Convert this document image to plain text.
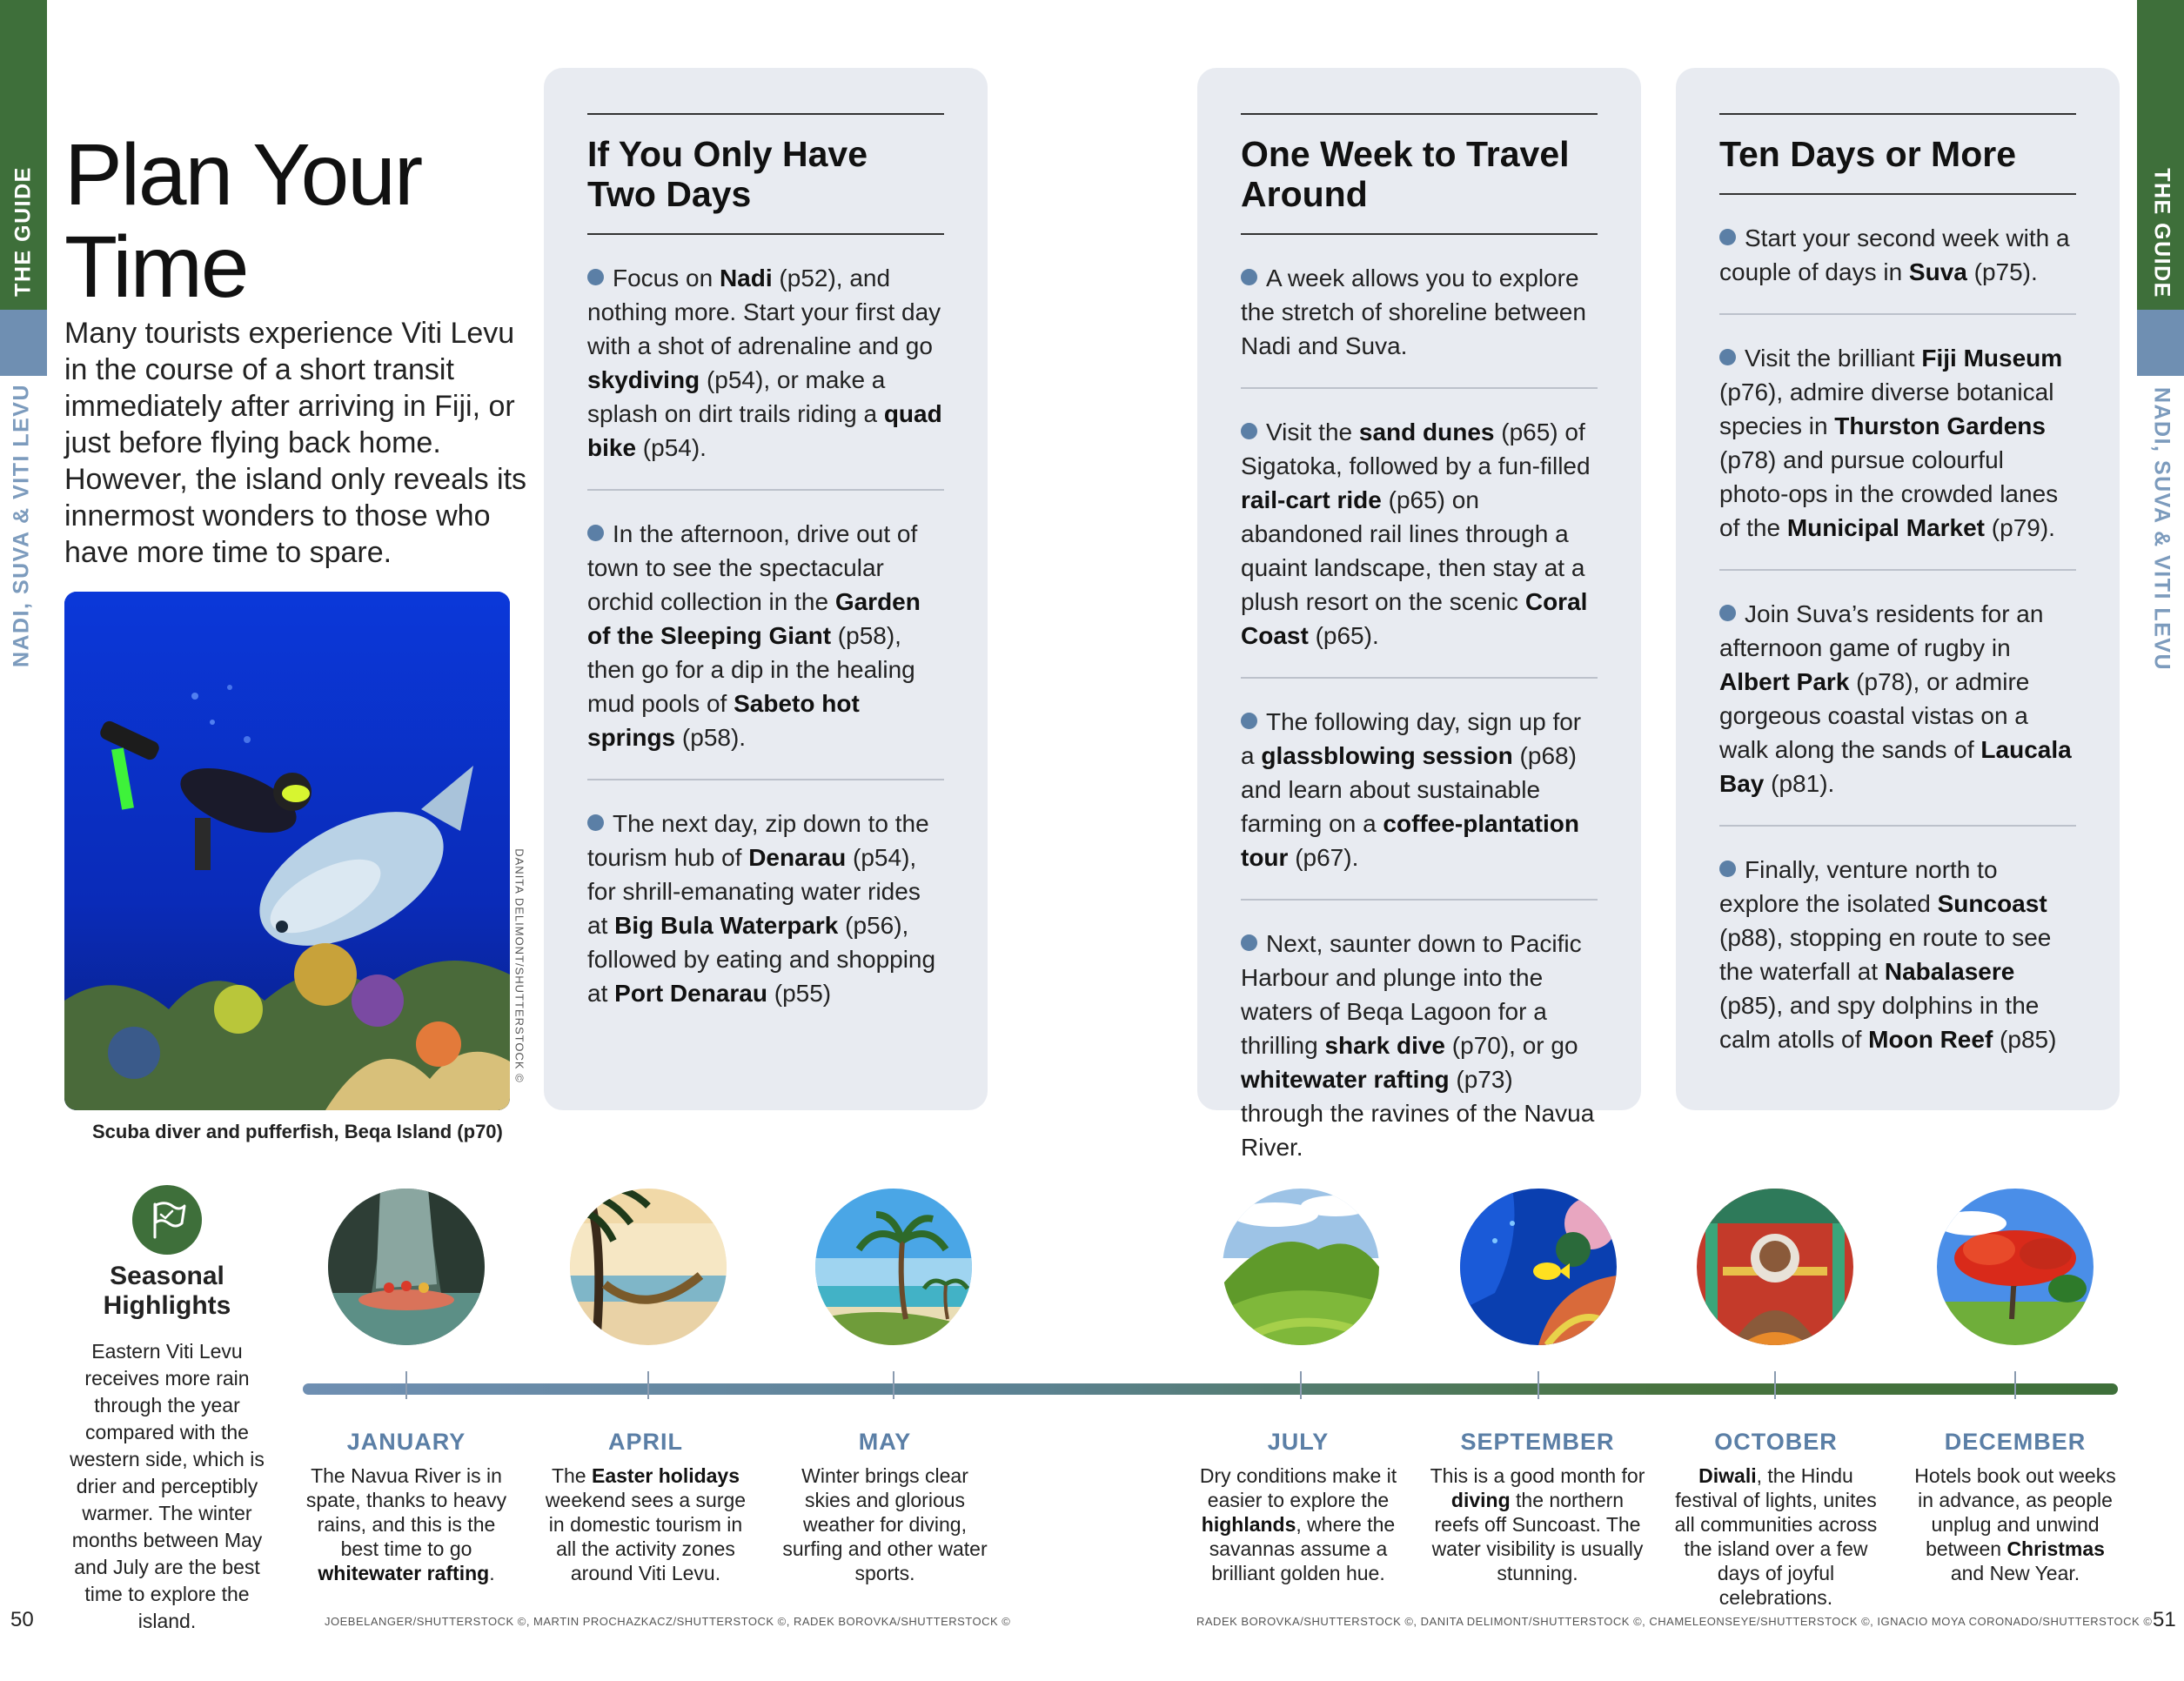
THE GUIDE
NADI, SUVA & VITI LEVU
THE GUIDE
NADI, SUVA & VITI LEVU
Plan Your Time

Many tourists experience Viti Levu in the course of a short transit immediately after arriving in Fiji, or just before flying back home. However, the island only reveals its innermost wonders to those who have more time to spare.

DANITA DELIMONT/SHUTTERSTOCK ©
Scuba diver and pufferfish, Beqa Island (p70)
If You Only Have Two Days
Focus on Nadi (p52), and nothing more. Start your first day with a shot of adrenaline and go skydiving (p54), or make a splash on dirt trails riding a quad bike (p54).
In the afternoon, drive out of town to see the spectacular orchid collection in the Garden of the Sleeping Giant (p58), then go for a dip in the healing mud pools of Sabeto hot springs (p58).
The next day, zip down to the tourism hub of Denarau (p54), for shrill-emanating water rides at Big Bula Waterpark (p56), followed by eating and shopping at Port Denarau (p55)
One Week to Travel Around
A week allows you to explore the stretch of shoreline between Nadi and Suva.
Visit the sand dunes (p65) of Sigatoka, followed by a fun-filled rail-cart ride (p65) on abandoned rail lines through a quaint landscape, then stay at a plush resort on the scenic Coral Coast (p65).
The following day, sign up for a glassblowing session (p68) and learn about sustainable farming on a coffee-plantation tour (p67).
Next, saunter down to Pacific Harbour and plunge into the waters of Beqa Lagoon for a thrilling shark dive (p70), or go whitewater rafting (p73) through the ravines of the Navua River.
Ten Days or More
Start your second week with a couple of days in Suva (p75).
Visit the brilliant Fiji Museum (p76), admire diverse botanical species in Thurston Gardens (p78) and pursue colourful photo-ops in the crowded lanes of the Municipal Market (p79).
Join Suva’s residents for an afternoon game of rugby in Albert Park (p78), or admire gorgeous coastal vistas on a walk along the sands of Laucala Bay (p81).
Finally, venture north to explore the isolated Suncoast (p88), stopping en route to see the waterfall at Nabalasere (p85), and spy dolphins in the calm atolls of Moon Reef (p85)
Seasonal Highlights
Eastern Viti Levu receives more rain through the year compared with the western side, which is drier and perceptibly warmer. The winter months between May and July are the best time to explore the island.
JANUARY
The Navua River is in spate, thanks to heavy rains, and this is the best time to go whitewater rafting.
APRIL
The Easter holidays weekend sees a surge in domestic tourism in all the activity zones around Viti Levu.
MAY
Winter brings clear skies and glorious weather for diving, surfing and other water sports.
JULY
Dry conditions make it easier to explore the highlands, where the savannas assume a brilliant golden hue.
SEPTEMBER
This is a good month for diving the northern reefs off Suncoast. The water visibility is usually stunning.
OCTOBER
Diwali, the Hindu festival of lights, unites all communities across the island over a few days of joyful celebrations.
DECEMBER
Hotels book out weeks in advance, as people unplug and unwind between Christmas and New Year.
50	51
JOEBELANGER/SHUTTERSTOCK ©, MARTIN PROCHAZKACZ/SHUTTERSTOCK ©, RADEK BOROVKA/SHUTTERSTOCK ©	RADEK BOROVKA/SHUTTERSTOCK ©, DANITA DELIMONT/SHUTTERSTOCK ©, CHAMELEONSEYE/SHUTTERSTOCK ©, IGNACIO MOYA CORONADO/SHUTTERSTOCK ©
